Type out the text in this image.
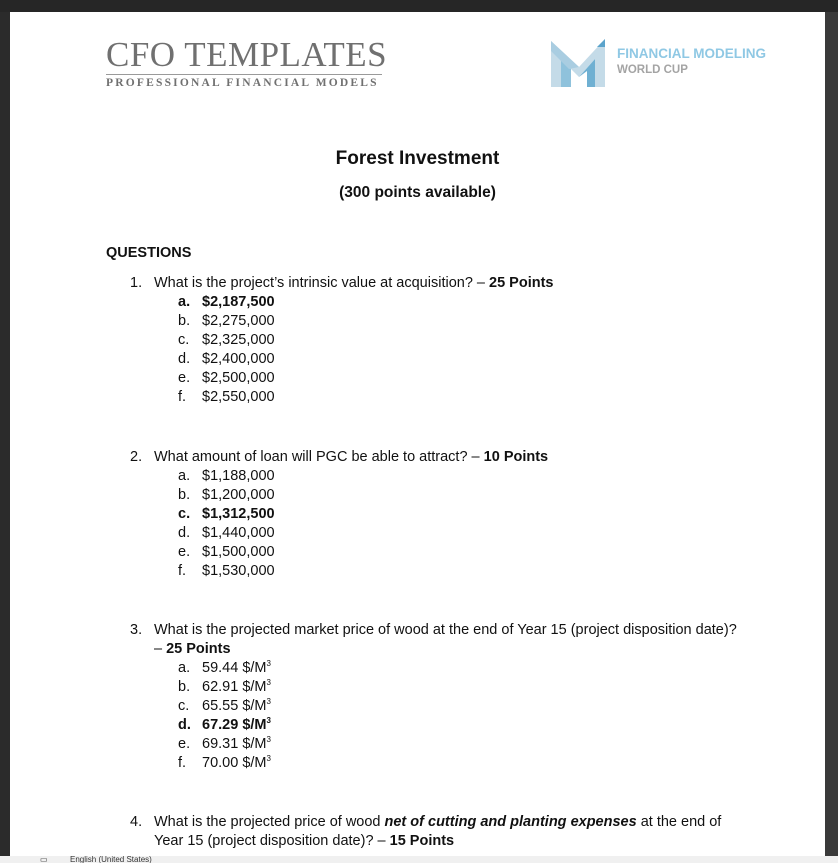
CFO TEMPLATES
PROFESSIONAL FINANCIAL MODELS
FINANCIAL MODELING
WORLD CUP
Forest Investment
(300 points available)
QUESTIONS
1. What is the project’s intrinsic value at acquisition? – 25 Points
a. $2,187,500
b. $2,275,000
c. $2,325,000
d. $2,400,000
e. $2,500,000
f. $2,550,000
2. What amount of loan will PGC be able to attract? – 10 Points
a. $1,188,000
b. $1,200,000
c. $1,312,500
d. $1,440,000
e. $1,500,000
f. $1,530,000
3. What is the projected market price of wood at the end of Year 15 (project disposition date)? – 25 Points
a. 59.44 $\$/M^3$
b. 62.91 $\$/M^3$
c. 65.55 $\$/M^3$
d. 67.29 $\$/M^3$
e. 69.31 $\$/M^3$
f. 70.00 $\$/M^3$
4. What is the projected price of wood net of cutting and planting expenses at the end of Year 15 (project disposition date)? – 15 Points
▭	English (United States)
